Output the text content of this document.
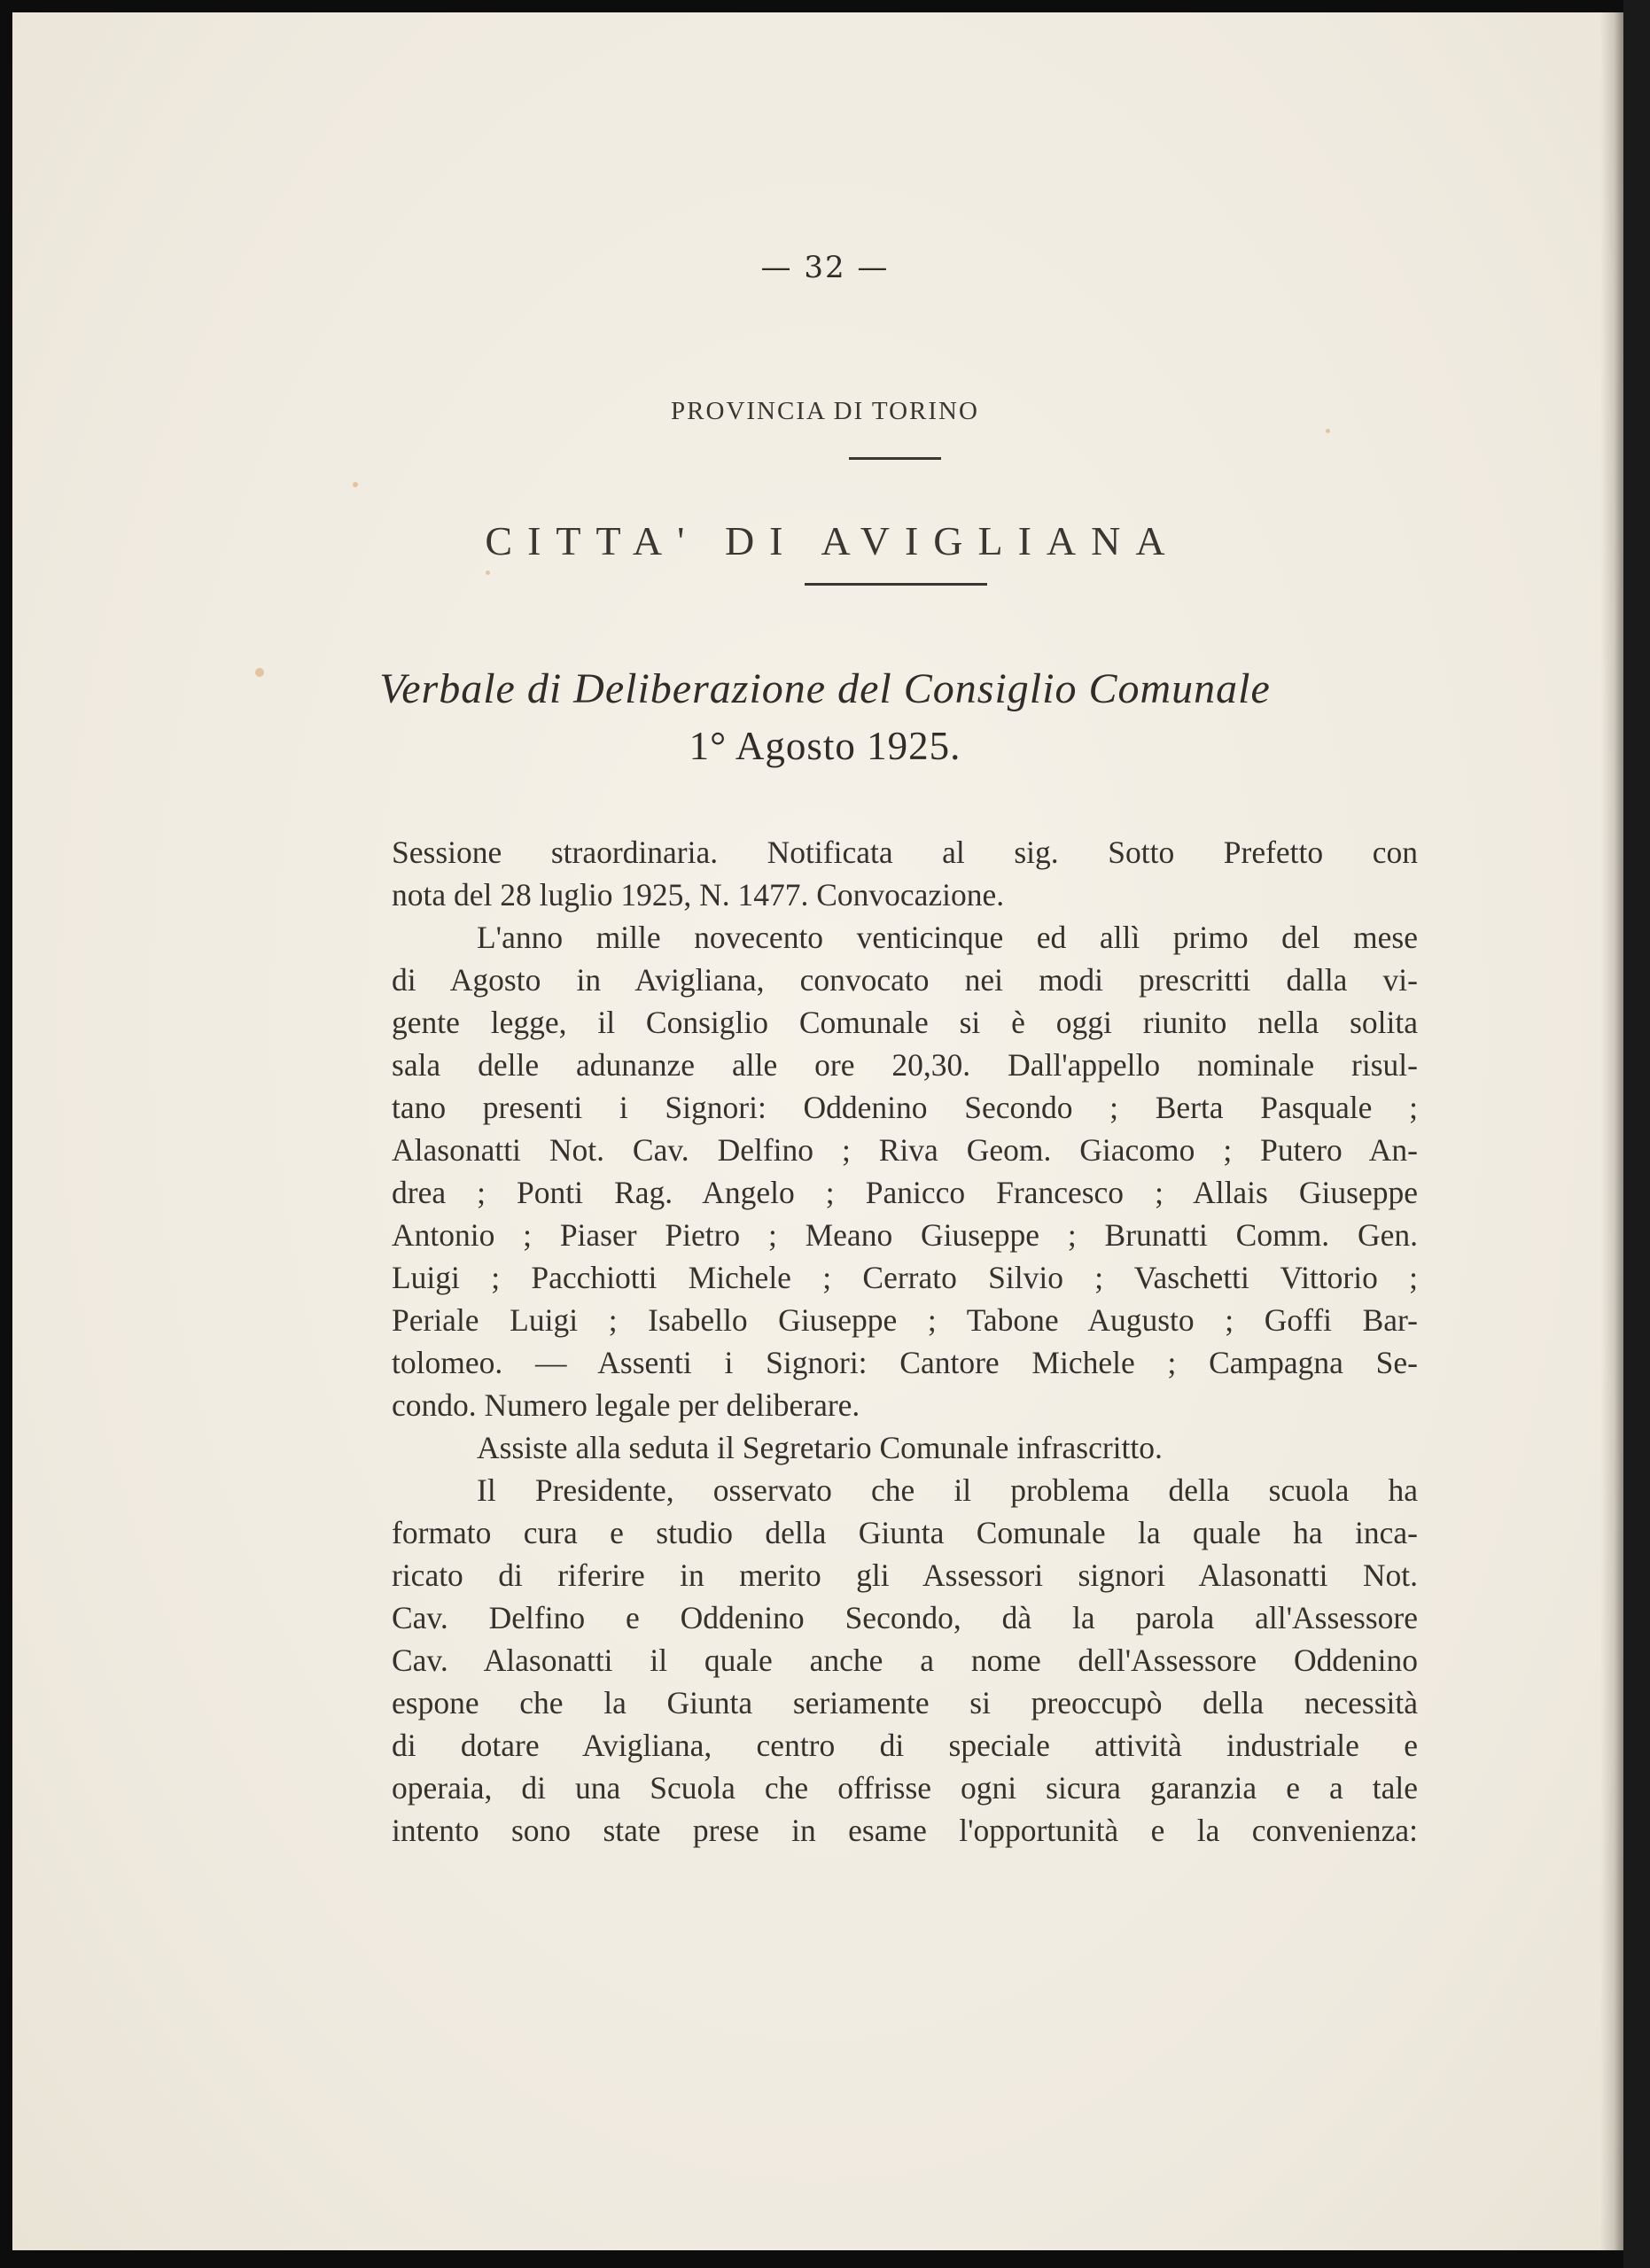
— 32 —
PROVINCIA DI TORINO
CITTA' DI AVIGLIANA
Verbale di Deliberazione del Consiglio Comunale
1° Agosto 1925.
Sessione straordinaria. Notificata al sig. Sotto Prefetto con
nota del 28 luglio 1925, N. 1477. Convocazione.
L'anno mille novecento venticinque ed allì primo del mese
di Agosto in Avigliana, convocato nei modi prescritti dalla vi-
gente legge, il Consiglio Comunale si è oggi riunito nella solita
sala delle adunanze alle ore 20,30. Dall'appello nominale risul-
tano presenti i Signori: Oddenino Secondo ; Berta Pasquale ;
Alasonatti Not. Cav. Delfino ; Riva Geom. Giacomo ; Putero An-
drea ; Ponti Rag. Angelo ; Panicco Francesco ; Allais Giuseppe
Antonio ; Piaser Pietro ; Meano Giuseppe ; Brunatti Comm. Gen.
Luigi ; Pacchiotti Michele ; Cerrato Silvio ; Vaschetti Vittorio ;
Periale Luigi ; Isabello Giuseppe ; Tabone Augusto ; Goffi Bar-
tolomeo. — Assenti i Signori: Cantore Michele ; Campagna Se-
condo. Numero legale per deliberare.
Assiste alla seduta il Segretario Comunale infrascritto.
Il Presidente, osservato che il problema della scuola ha
formato cura e studio della Giunta Comunale la quale ha inca-
ricato di riferire in merito gli Assessori signori Alasonatti Not.
Cav. Delfino e Oddenino Secondo, dà la parola all'Assessore
Cav. Alasonatti il quale anche a nome dell'Assessore Oddenino
espone che la Giunta seriamente si preoccupò della necessità
di dotare Avigliana, centro di speciale attività industriale e
operaia, di una Scuola che offrisse ogni sicura garanzia e a tale
intento sono state prese in esame l'opportunità e la convenienza:
